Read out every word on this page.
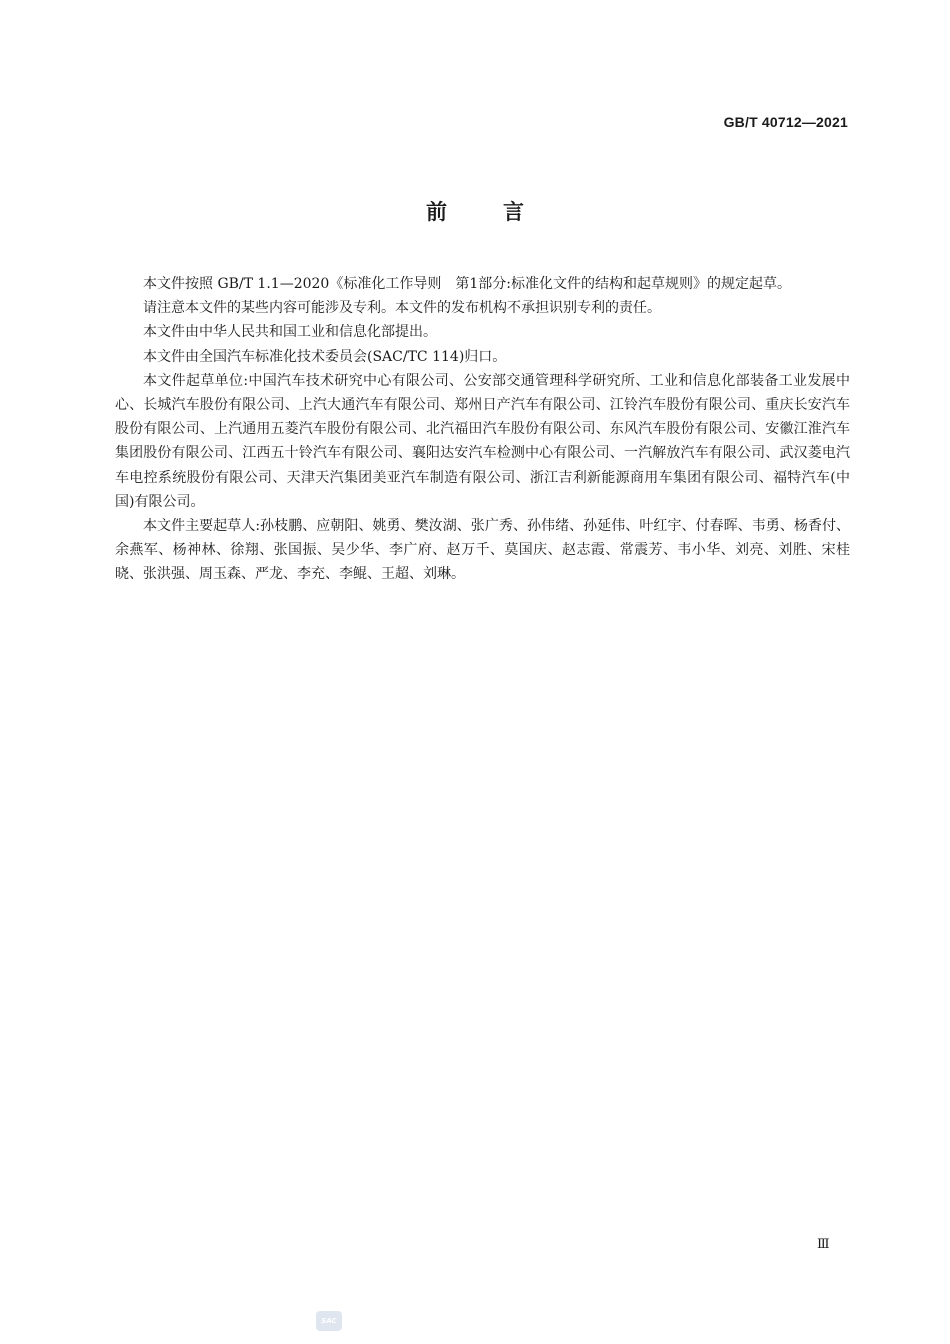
GB/T 40712—2021
前言

本文件按照 GB/T 1.1—2020《标准化工作导则　第1部分:标准化文件的结构和起草规则》的规定起草。

请注意本文件的某些内容可能涉及专利。本文件的发布机构不承担识别专利的责任。

本文件由中华人民共和国工业和信息化部提出。

本文件由全国汽车标准化技术委员会(SAC/TC 114)归口。

本文件起草单位:中国汽车技术研究中心有限公司、公安部交通管理科学研究所、工业和信息化部装备工业发展中心、长城汽车股份有限公司、上汽大通汽车有限公司、郑州日产汽车有限公司、江铃汽车股份有限公司、重庆长安汽车股份有限公司、上汽通用五菱汽车股份有限公司、北汽福田汽车股份有限公司、东风汽车股份有限公司、安徽江淮汽车集团股份有限公司、江西五十铃汽车有限公司、襄阳达安汽车检测中心有限公司、一汽解放汽车有限公司、武汉菱电汽车电控系统股份有限公司、天津天汽集团美亚汽车制造有限公司、浙江吉利新能源商用车集团有限公司、福特汽车(中国)有限公司。

本文件主要起草人:孙枝鹏、应朝阳、姚勇、樊汝湖、张广秀、孙伟绪、孙延伟、叶红宇、付春晖、韦勇、杨香付、余燕军、杨神林、徐翔、张国振、吴少华、李广府、赵万千、莫国庆、赵志霞、常震芳、韦小华、刘亮、刘胜、宋桂晓、张洪强、周玉森、严龙、李充、李鲲、王超、刘琳。

Ⅲ
SAC
